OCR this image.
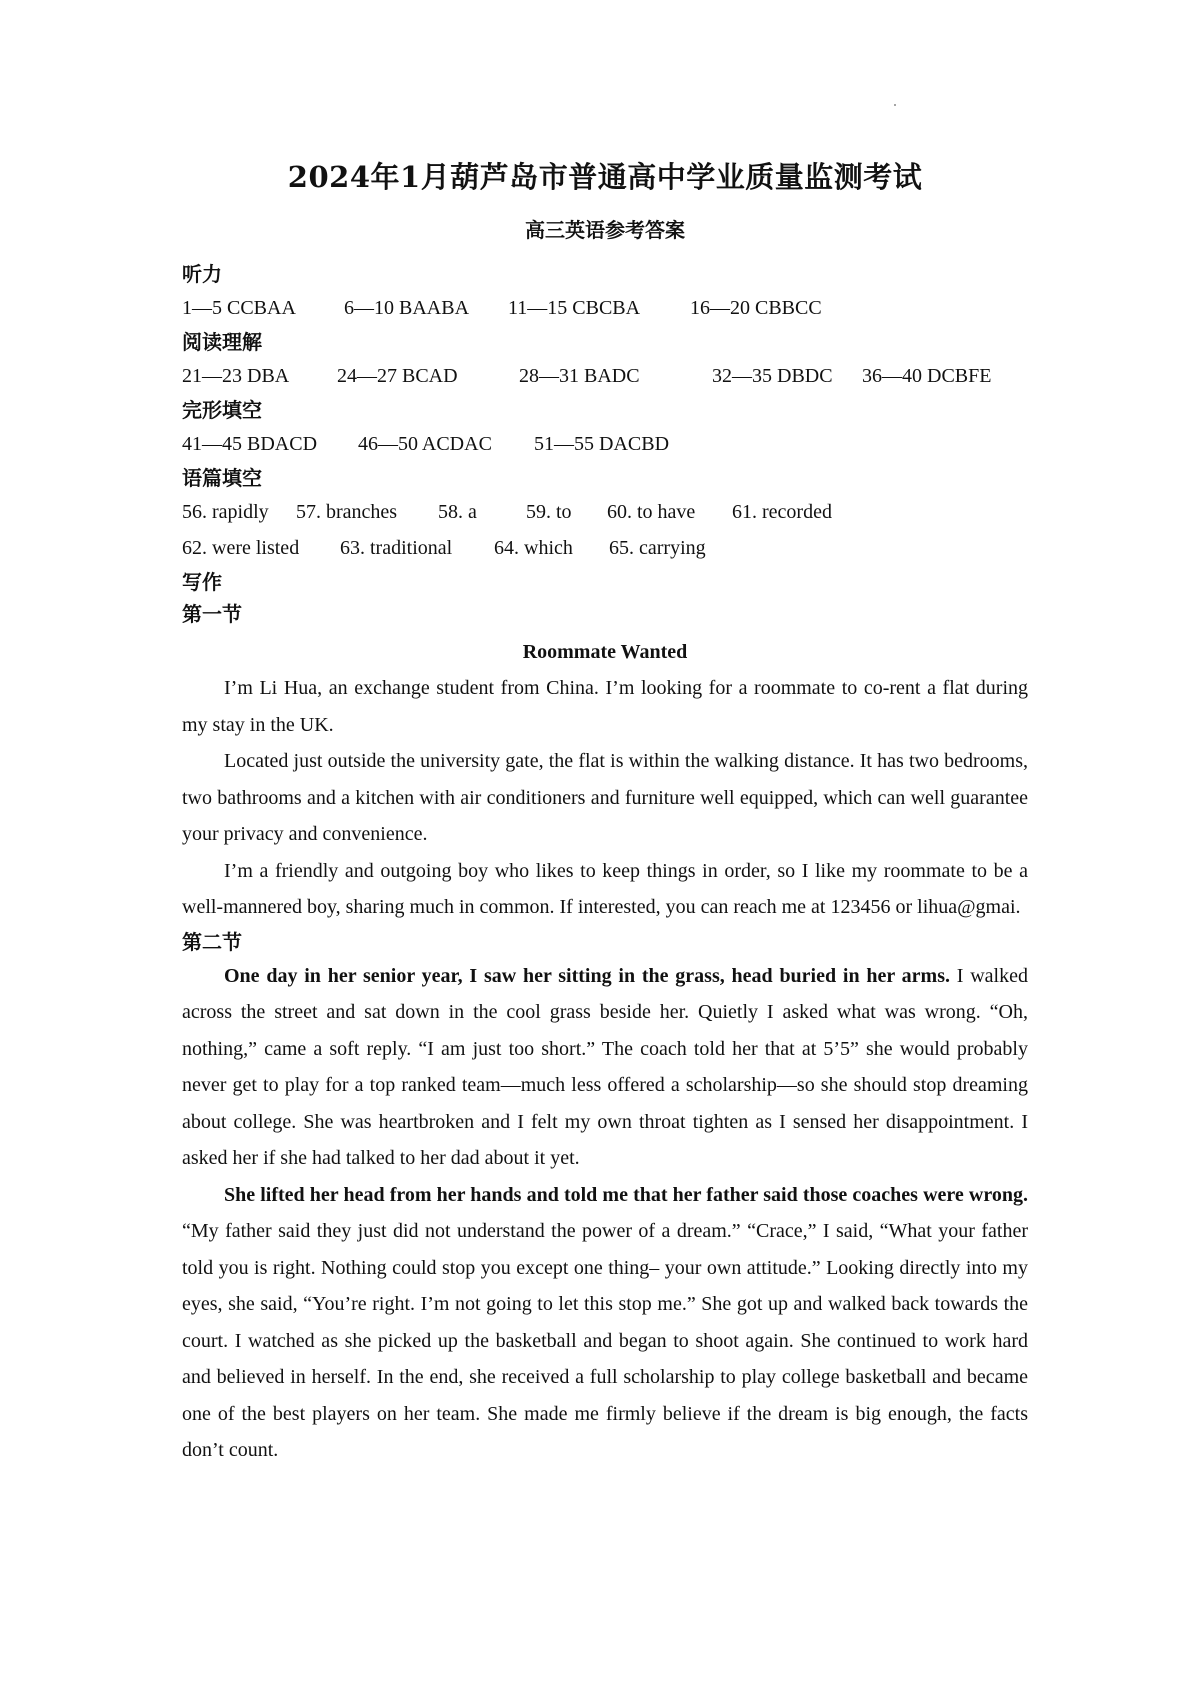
2024年1月葫芦岛市普通高中学业质量监测考试
高三英语参考答案
听力
1—5 CCBAA 6—10 BAABA 11—15 CBCBA 16—20 CBBCC
阅读理解
21—23 DBA 24—27 BCAD	28—31 BADC	32—35 DBDC 36—40 DCBFE
完形填空
41—45 BDACD 46—50 ACDAC 51—55 DACBD
语篇填空
56. rapidly 57. branches 58. a 59. to 60. to have 61. recorded
62. were listed 63. traditional 64. which 65. carrying
写作
第一节
Roommate Wanted

I’m Li Hua, an exchange student from China. I’m looking for a roommate to co-rent a flat during my stay in the UK.

Located just outside the university gate, the flat is within the walking distance. It has two bedrooms, two bathrooms and a kitchen with air conditioners and furniture well equipped, which can well guarantee your privacy and convenience.

I’m a friendly and outgoing boy who likes to keep things in order, so I like my roommate to be a well-mannered boy, sharing much in common. If interested, you can reach me at 123456 or lihua@gmai.

第二节

One day in her senior year, I saw her sitting in the grass, head buried in her arms. I walked across the street and sat down in the cool grass beside her. Quietly I asked what was wrong. “Oh, nothing,” came a soft reply. “I am just too short.” The coach told her that at 5’5” she would probably never get to play for a top ranked team—much less offered a scholarship—so she should stop dreaming about college. She was heartbroken and I felt my own throat tighten as I sensed her disappointment. I asked her if she had talked to her dad about it yet.

She lifted her head from her hands and told me that her father said those coaches were wrong. “My father said they just did not understand the power of a dream.” “Crace,” I said, “What your father told you is right. Nothing could stop you except one thing– your own attitude.” Looking directly into my eyes, she said, “You’re right. I’m not going to let this stop me.” She got up and walked back towards the court. I watched as she picked up the basketball and began to shoot again. She continued to work hard and believed in herself. In the end, she received a full scholarship to play college basketball and became one of the best players on her team. She made me firmly believe if the dream is big enough, the facts don’t count.
